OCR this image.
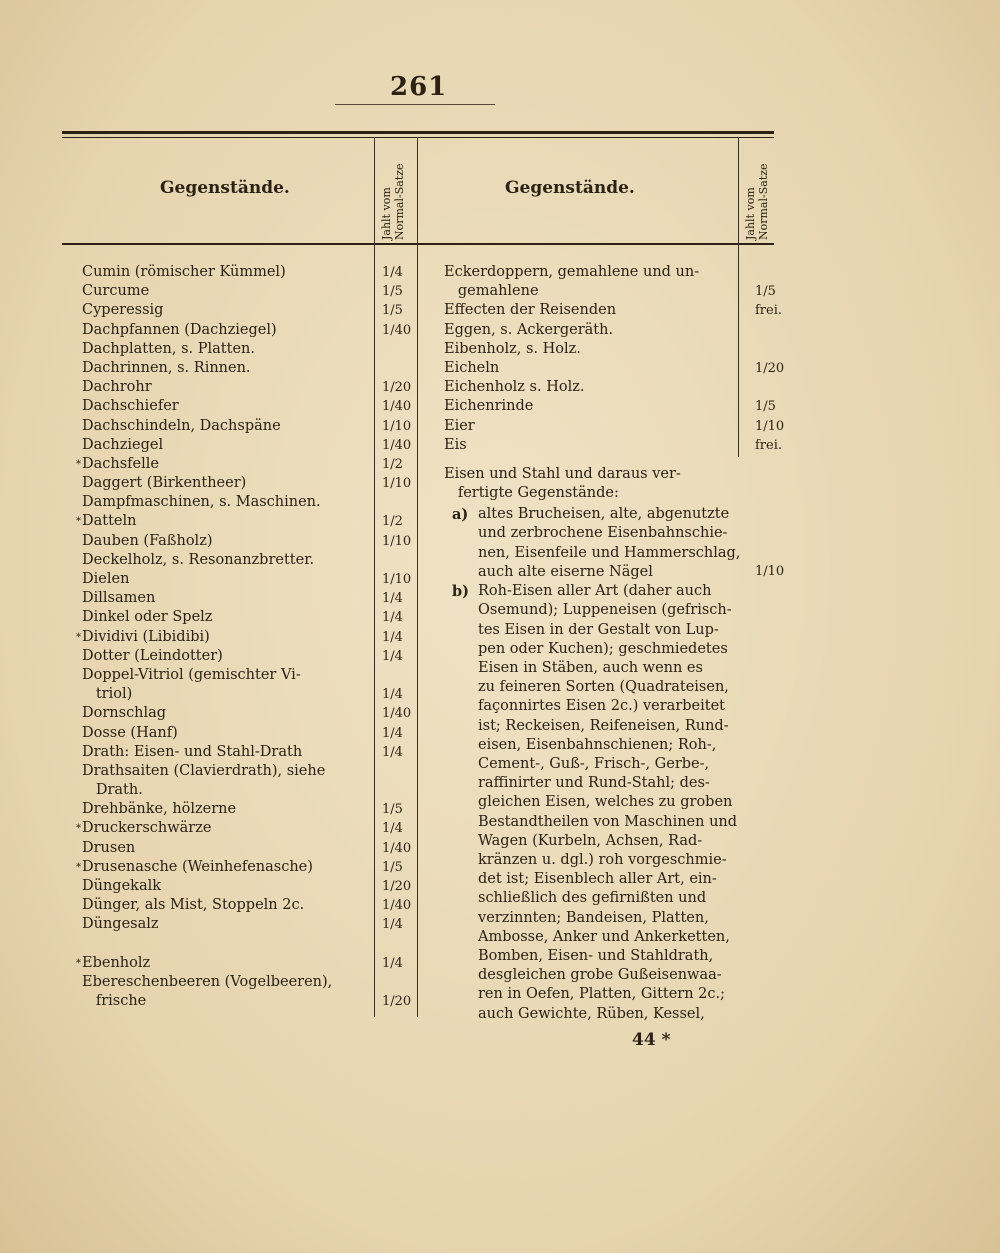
261
Gegenstände.	Jahlt vom Normal-Satze	Gegenstände.	Jahlt vom Normal-Satze
Cumin (römischer Kümmel)	1/4
Curcume	1/5
Cyperessig	1/5
Dachpfannen (Dachziegel)	1/40
Dachplatten, s. Platten.
Dachrinnen, s. Rinnen.
Dachrohr	1/20
Dachschiefer	1/40
Dachschindeln, Dachspäne	1/10
Dachziegel	1/40
* Dachsfelle	1/2
Daggert (Birkentheer)	1/10
Dampfmaschinen, s. Maschinen.
* Datteln	1/2
Dauben (Faßholz)	1/10
Deckelholz, s. Resonanzbretter.
Dielen	1/10
Dillsamen	1/4
Dinkel oder Spelz	1/4
* Dividivi (Libidibi)	1/4
Dotter (Leindotter)	1/4
Doppel-Vitriol (gemischter Vi-
triol)	1/4
Dornschlag	1/40
Dosse (Hanf)	1/4
Drath: Eisen- und Stahl-Drath	1/4
Drathsaiten (Clavierdrath), siehe
Drath.
Drehbänke, hölzerne	1/5
* Druckerschwärze	1/4
Drusen	1/40
* Drusenasche (Weinhefenasche)	1/5
Düngekalk	1/20
Dünger, als Mist, Stoppeln 2c.	1/40
Düngesalz	1/4
* Ebenholz	1/4
Ebereschenbeeren (Vogelbeeren),
frische	1/20
Eckerdoppern, gemahlene und un-
gemahlene	1/5
Effecten der Reisenden	frei.
Eggen, s. Ackergeräth.
Eibenholz, s. Holz.
Eicheln	1/20
Eichenholz s. Holz.
Eichenrinde	1/5
Eier	1/10
Eis	frei.
Eisen und Stahl und daraus ver-
fertigte Gegenstände:
a) altes Brucheisen, alte, abgenutzte
und zerbrochene Eisenbahnschie-
nen, Eisenfeile und Hammerschlag,
auch alte eiserne Nägel	1/10
b) Roh-Eisen aller Art (daher auch
Osemund); Luppeneisen (gefrisch-
tes Eisen in der Gestalt von Lup-
pen oder Kuchen); geschmiedetes
Eisen in Stäben, auch wenn es
zu feineren Sorten (Quadrateisen,
façonnirtes Eisen 2c.) verarbeitet
ist; Reckeisen, Reifeneisen, Rund-
eisen, Eisenbahnschienen; Roh-,
Cement-, Guß-, Frisch-, Gerbe-,
raffinirter und Rund-Stahl; des-
gleichen Eisen, welches zu groben
Bestandtheilen von Maschinen und
Wagen (Kurbeln, Achsen, Rad-
kränzen u. dgl.) roh vorgeschmie-
det ist; Eisenblech aller Art, ein-
schließlich des gefirnißten und
verzinnten; Bandeisen, Platten,
Ambosse, Anker und Ankerketten,
Bomben, Eisen- und Stahldrath,
desgleichen grobe Gußeisenwaa-
ren in Oefen, Platten, Gittern 2c.;
auch Gewichte, Rüben, Kessel,
44 *
